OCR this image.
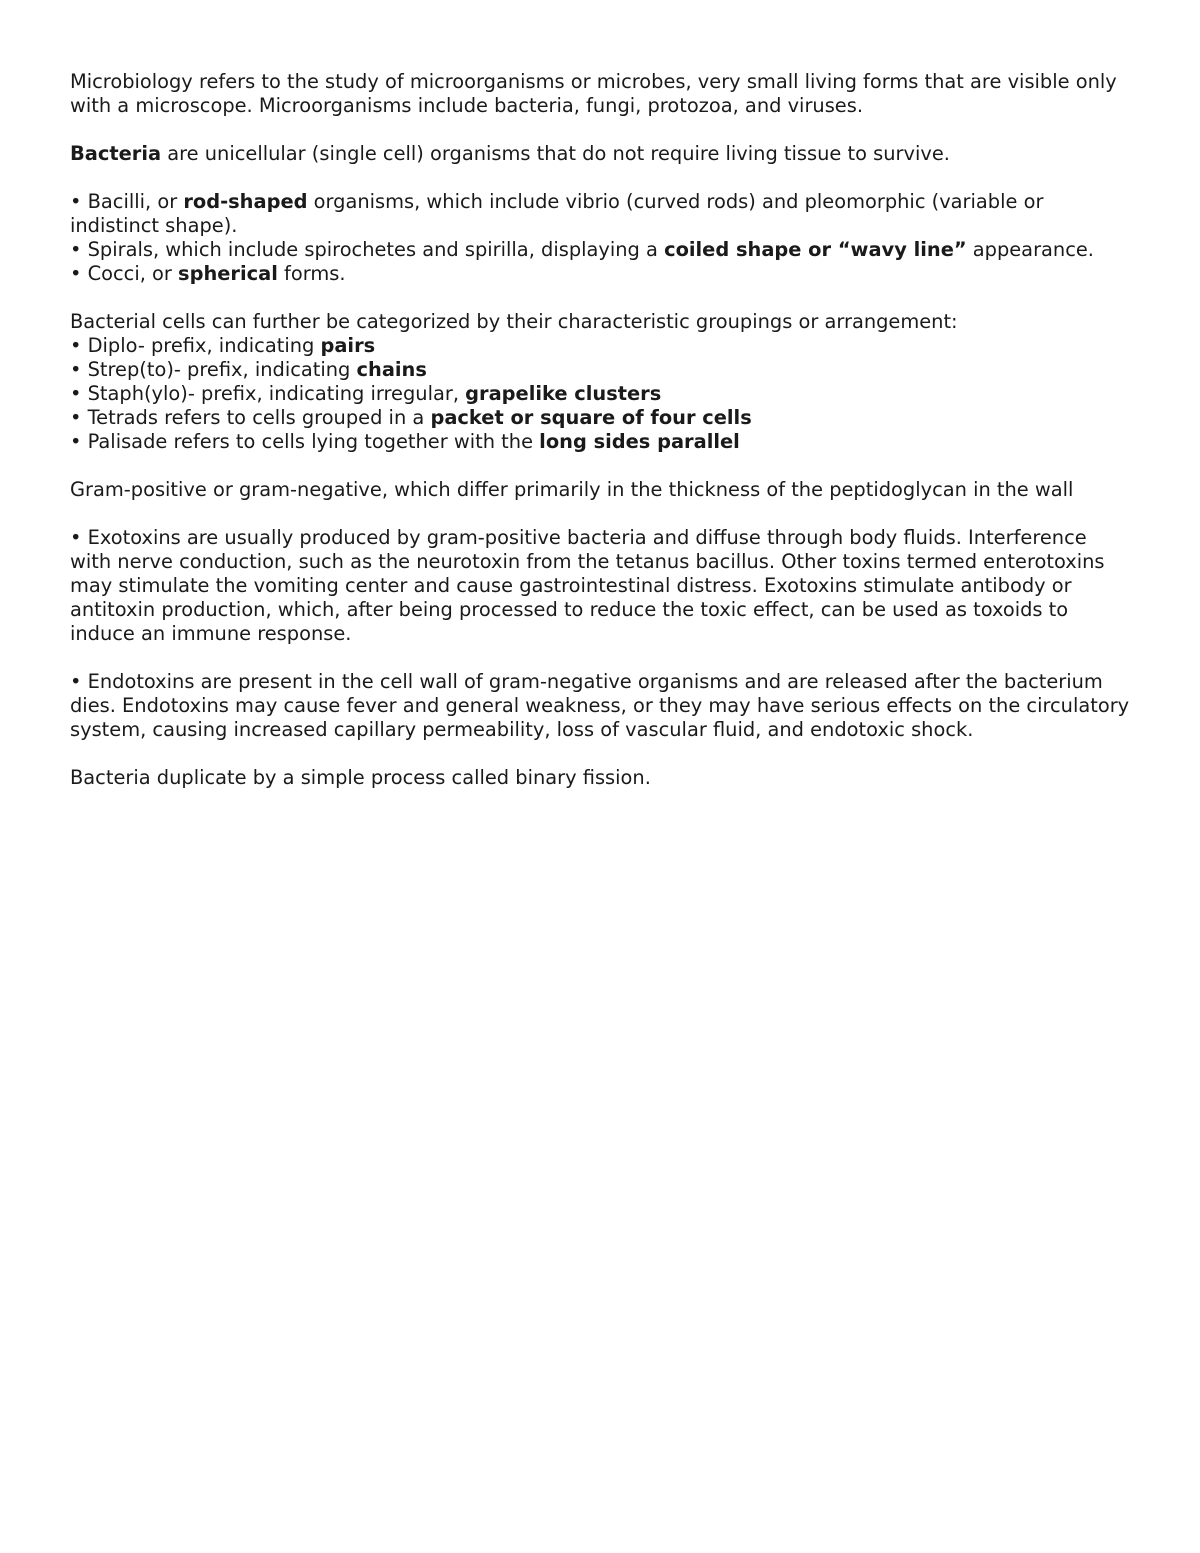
Microbiology refers to the study of microorganisms or microbes, very small living forms that are visible only with a microscope. Microorganisms include bacteria, fungi, protozoa, and viruses.

Bacteria are unicellular (single cell) organisms that do not require living tissue to survive.

• Bacilli, or rod-shaped organisms, which include vibrio (curved rods) and pleomorphic (variable or indistinct shape).
• Spirals, which include spirochetes and spirilla, displaying a coiled shape or “wavy line” appearance.
• Cocci, or spherical forms.

Bacterial cells can further be categorized by their characteristic groupings or arrangement:
• Diplo- prefix, indicating pairs
• Strep(to)- prefix, indicating chains
• Staph(ylo)- prefix, indicating irregular, grapelike clusters
• Tetrads refers to cells grouped in a packet or square of four cells
• Palisade refers to cells lying together with the long sides parallel

Gram-positive or gram-negative, which differ primarily in the thickness of the peptidoglycan in the wall

• Exotoxins are usually produced by gram-positive bacteria and diffuse through body fluids. Interference with nerve conduction, such as the neurotoxin from the tetanus bacillus. Other toxins termed enterotoxins may stimulate the vomiting center and cause gastrointestinal distress. Exotoxins stimulate antibody or antitoxin production, which, after being processed to reduce the toxic effect, can be used as toxoids to induce an immune response.

• Endotoxins are present in the cell wall of gram-negative organisms and are released after the bacterium dies. Endotoxins may cause fever and general weakness, or they may have serious effects on the circulatory system, causing increased capillary permeability, loss of vascular fluid, and endotoxic shock.

Bacteria duplicate by a simple process called binary fission.
